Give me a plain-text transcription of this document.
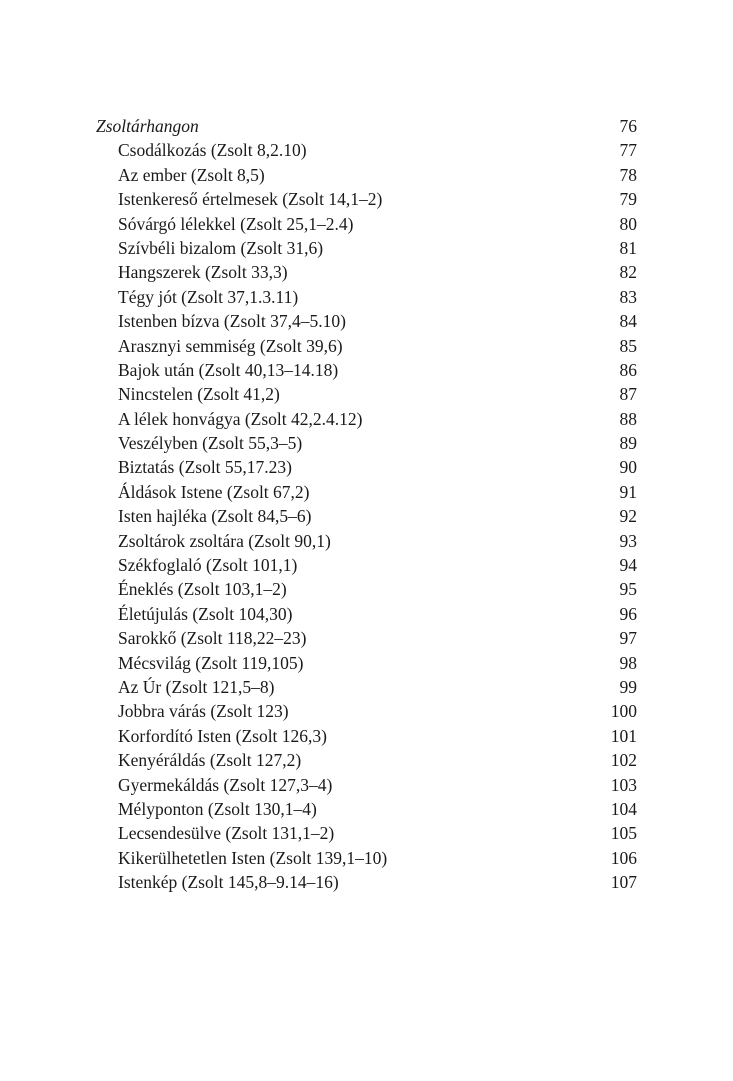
Zsoltárhangon	76
Csodálkozás (Zsolt 8,2.10)	77
Az ember (Zsolt 8,5)	78
Istenkereső értelmesek (Zsolt 14,1–2)	79
Sóvárgó lélekkel (Zsolt 25,1–2.4)	80
Szívbéli bizalom (Zsolt 31,6)	81
Hangszerek (Zsolt 33,3)	82
Tégy jót (Zsolt 37,1.3.11)	83
Istenben bízva (Zsolt 37,4–5.10)	84
Arasznyi semmiség (Zsolt 39,6)	85
Bajok után (Zsolt 40,13–14.18)	86
Nincstelen (Zsolt 41,2)	87
A lélek honvágya (Zsolt 42,2.4.12)	88
Veszélyben (Zsolt 55,3–5)	89
Biztatás (Zsolt 55,17.23)	90
Áldások Istene (Zsolt 67,2)	91
Isten hajléka (Zsolt 84,5–6)	92
Zsoltárok zsoltára (Zsolt 90,1)	93
Székfoglaló (Zsolt 101,1)	94
Éneklés (Zsolt 103,1–2)	95
Életújulás (Zsolt 104,30)	96
Sarokkő (Zsolt 118,22–23)	97
Mécsvilág (Zsolt 119,105)	98
Az Úr (Zsolt 121,5–8)	99
Jobbra várás (Zsolt 123)	100
Korfordító Isten (Zsolt 126,3)	101
Kenyéráldás (Zsolt 127,2)	102
Gyermekáldás (Zsolt 127,3–4)	103
Mélyponton (Zsolt 130,1–4)	104
Lecsendesülve (Zsolt 131,1–2)	105
Kikerülhetetlen Isten (Zsolt 139,1–10)	106
Istenkép (Zsolt 145,8–9.14–16)	107
